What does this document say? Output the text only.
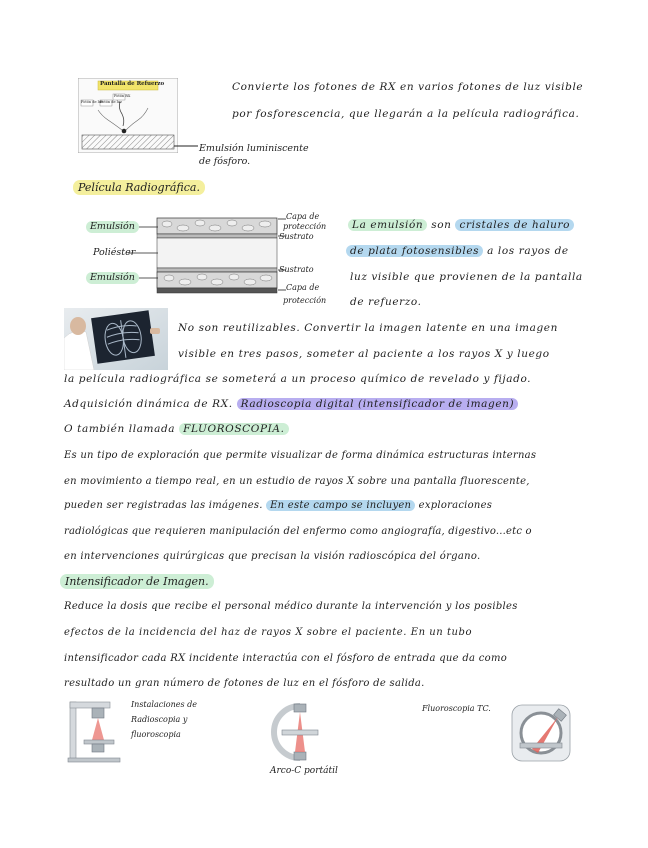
Pantalla de Refuerzo
Fotón RX
Fotón de luz
Fotón de luz
Emulsión luminiscente
de fósforo.
Convierte los fotones de RX en varios fotones de luz visible
por fosforescencia, que llegarán a la película radiográfica.
Película Radiográfica.
Emulsión
Poliéster
Emulsión
Capa de
protección
Sustrato
Sustrato
Capa de
protección
La emulsión son cristales de haluro
de plata fotosensibles a los rayos de
luz visible que provienen de la pantalla
de refuerzo.
No son reutilizables. Convertir la imagen latente en una imagen
visible en tres pasos, someter al paciente a los rayos X y luego
la película radiográfica se someterá a un proceso químico de revelado y fijado.
Adquisición dinámica de RX. Radioscopia digital (intensificador de imagen)
O también llamada FLUOROSCOPIA.
Es un tipo de exploración que permite visualizar de forma dinámica estructuras internas
en movimiento a tiempo real, en un estudio de rayos X sobre una pantalla fluorescente,
pueden ser registradas las imágenes. En este campo se incluyen exploraciones
radiológicas que requieren manipulación del enfermo como angiografía, digestivo...etc o
en intervenciones quirúrgicas que precisan la visión radioscópica del órgano.
Intensificador de Imagen.
Reduce la dosis que recibe el personal médico durante la intervención y los posibles
efectos de la incidencia del haz de rayos X sobre el paciente. En un tubo
intensificador cada RX incidente interactúa con el fósforo de entrada que da como
resultado un gran número de fotones de luz en el fósforo de salida.
Instalaciones de
Radioscopia y
fluoroscopia
Arco-C portátil
Fluoroscopia TC.
